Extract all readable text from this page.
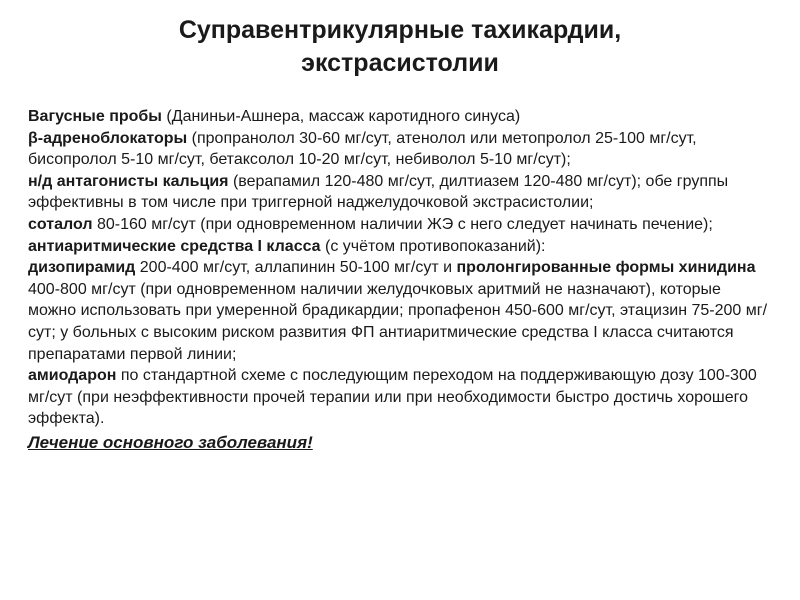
Суправентрикулярные тахикардии,
экстрасистолии

Вагусные пробы (Даниньи-Ашнера, массаж каротидного синуса)

β-адреноблокаторы (пропранолол 30-60 мг/сут, атенолол или метопролол 25-100 мг/сут, бисопролол 5-10 мг/сут, бетаксолол 10-20 мг/сут, небиволол 5-10 мг/сут);

н/д антагонисты кальция (верапамил 120-480 мг/сут, дилтиазем 120-480 мг/сут); обе группы эффективны в том числе при триггерной наджелудочковой экстрасистолии;

соталол 80-160 мг/сут (при одновременном наличии ЖЭ с него следует начинать печение);

антиаритмические средства I класса (с учётом противопоказаний):

дизопирамид 200-400 мг/сут, аллапинин 50-100 мг/сут и пролонгированные формы хинидина 400-800 мг/сут (при одновременном наличии желудочковых аритмий не назначают), которые можно использовать при умеренной брадикардии; пропафенон 450-600 мг/сут, этацизин 75-200 мг/сут; у больных с высоким риском развития ФП антиаритмические средства I класса считаются препаратами первой линии;

амиодарон по стандартной схеме с последующим переходом на поддерживающую дозу 100-300 мг/сут (при неэффективности прочей терапии или при необходимости быстро достичь хорошего эффекта).

Лечение основного заболевания!
